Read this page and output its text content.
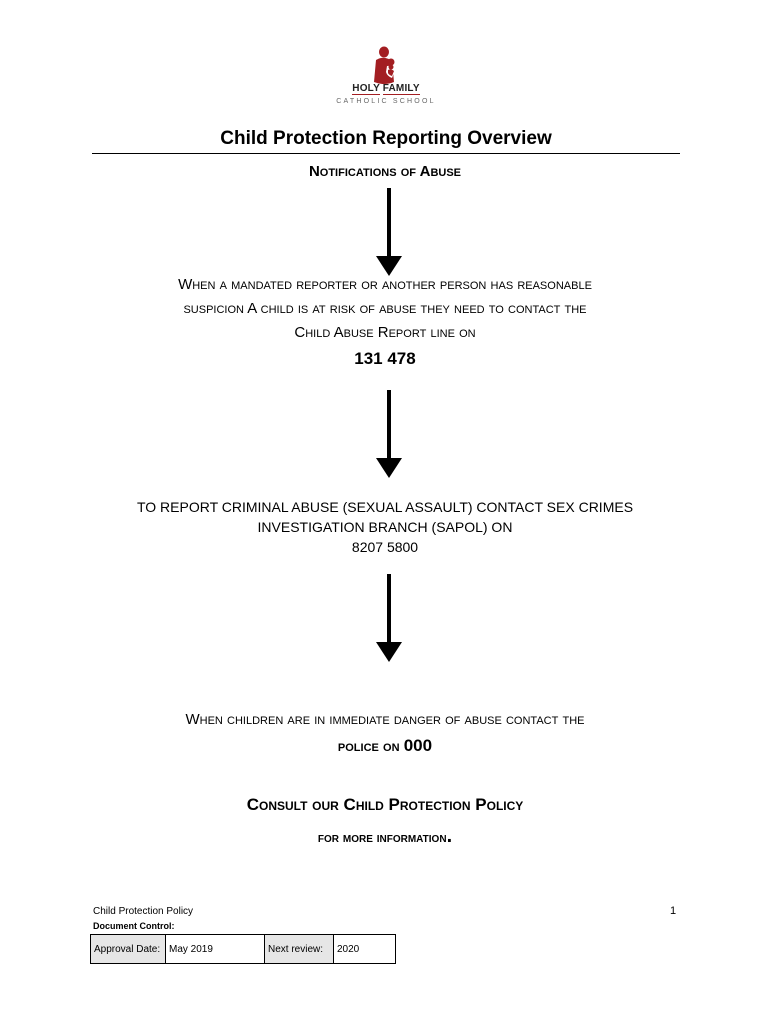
HOLY FAMILY
CATHOLIC SCHOOL
Child Protection Reporting Overview
Notifications of Abuse
When a mandated reporter or another person has reasonable
suspicion A child is at risk of abuse they need to contact the
Child Abuse Report line on
131 478
TO REPORT CRIMINAL ABUSE (SEXUAL ASSAULT) CONTACT SEX CRIMES
INVESTIGATION BRANCH (SAPOL) ON
8207 5800
When children are in immediate danger of abuse contact the
police on 000
Consult our Child Protection Policy
for more information.
Child Protection Policy	1
Document Control:
Approval Date:	May 2019	Next review:	2020
